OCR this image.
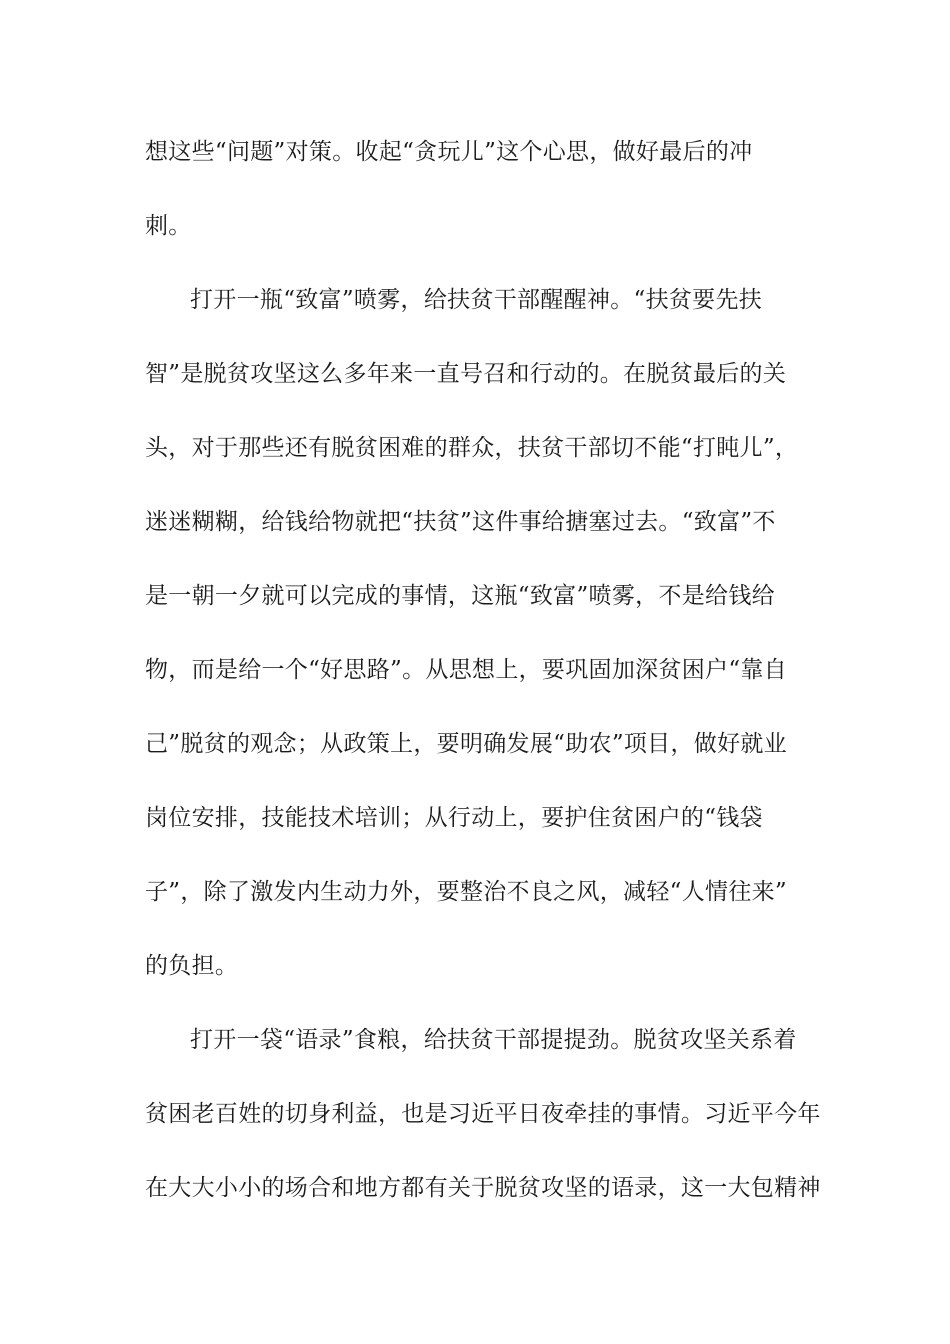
想这些“问题”对策。收起“贪玩儿”这个心思，做好最后的冲
刺。
打开一瓶“致富”喷雾，给扶贫干部醒醒神。“扶贫要先扶
智”是脱贫攻坚这么多年来一直号召和行动的。在脱贫最后的关
头，对于那些还有脱贫困难的群众，扶贫干部切不能“打盹儿”，
迷迷糊糊，给钱给物就把“扶贫”这件事给搪塞过去。“致富”不
是一朝一夕就可以完成的事情，这瓶“致富”喷雾，不是给钱给
物，而是给一个“好思路”。从思想上，要巩固加深贫困户“靠自
己”脱贫的观念；从政策上，要明确发展“助农”项目，做好就业
岗位安排，技能技术培训；从行动上，要护住贫困户的“钱袋
子”，除了激发内生动力外，要整治不良之风，减轻“人情往来”
的负担。
打开一袋“语录”食粮，给扶贫干部提提劲。脱贫攻坚关系着
贫困老百姓的切身利益，也是习近平日夜牵挂的事情。习近平今年
在大大小小的场合和地方都有关于脱贫攻坚的语录，这一大包精神
